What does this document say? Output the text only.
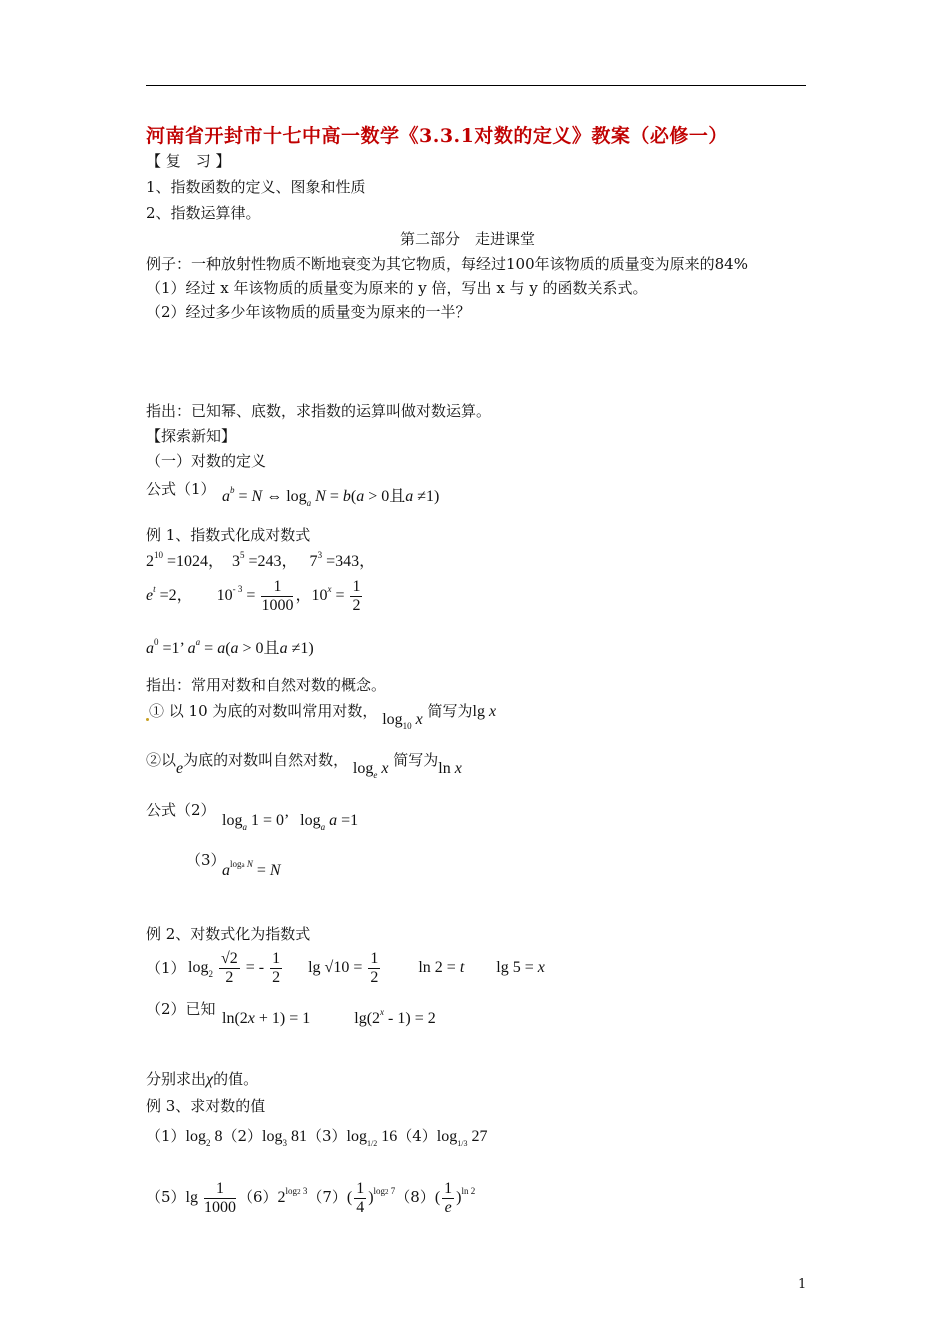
河南省开封市十七中高一数学《3.3.1对数的定义》教案（必修一）
【 复　习 】
1、指数函数的定义、图象和性质
2、指数运算律。
第二部分　走进课堂
例子：一种放射性物质不断地衰变为其它物质，每经过100年该物质的质量变为原来的84%
（1）经过 x 年该物质的质量变为原来的 y 倍，写出 x 与 y 的函数关系式。
（2）经过多少年该物质的质量变为原来的一半？
指出：已知幂、底数，求指数的运算叫做对数运算。
【探索新知】
（一）对数的定义
公式（1） $a^b = N$ ⇔ $\log_a N = b(a > 0$且a ≠1)
例 1、指数式化成对数式
$2^{10} =1024$，  $3^5 =243$，   $7^3 =343$，
$e^t =2$，      $10^{- 3} = \frac{1}{1000}$ ，$10^x = \frac{1}{2}$
$a^0 =1$’ $a^a = a(a > 0$且a ≠1)
指出：常用对数和自然对数的概念。
① 以 10 为底的对数叫常用对数， $\log_{10} x$ 简写为lg x
②以e为底的对数叫自然对数， $\log_e x$ 简写为ln x
公式（2）
$\log_a 1 = 0$’   $\log_a a =1$
（3）
$a^{loga N} = N$
例 2、对数式化为指数式
（1） $\log_2 \frac{√2}{2}$ = - $\frac{1}{2}$ $\lg √10 = \frac{1}{2}$ ln 2 = t        lg 5 = x
（2）已知
ln(2x + 1) = 1           lg(2$^x$ - 1) = 2
分别求出χ的值。
例 3、求对数的值
$(1)\log_2$ $8(2)\log_3$ $81(3)\log_{1/2}$ $16(4)\log_{1/3}$ 27
$(5)\lg \frac{1}{1000} (6)2^{log2 3}(7)( \frac{1}{4} )^{log2 7}(8)( \frac{1}{e} )^{ln 2}$
1
